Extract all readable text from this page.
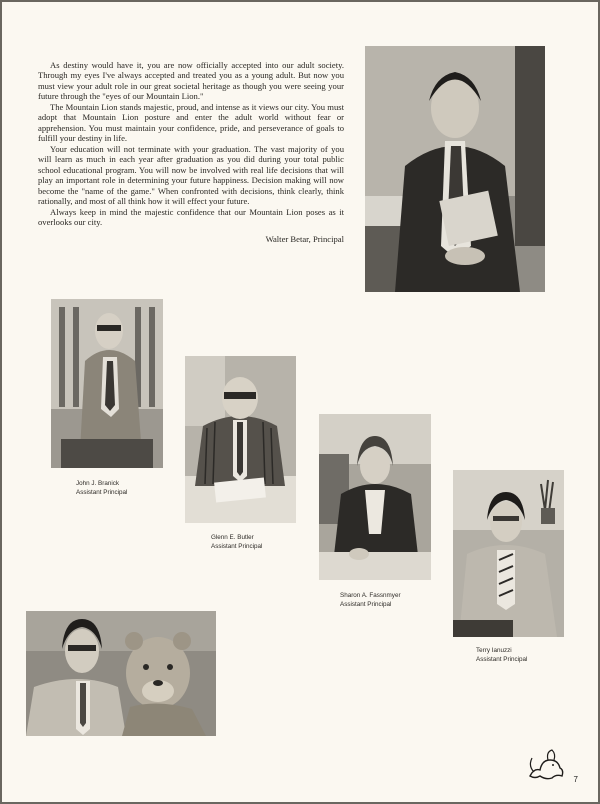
As destiny would have it, you are now officially accepted into our adult society. Through my eyes I've always accepted and treated you as a young adult. But now you must view your adult role in our great societal heritage as though you were seeing your future through the "eyes of our Mountain Lion."

The Mountain Lion stands majestic, proud, and intense as it views our city. You must adopt that Mountain Lion posture and enter the adult world without fear or apprehension. You must maintain your confidence, pride, and perseverance of goals to fulfill your destiny in life.

Your education will not terminate with your graduation. The vast majority of you will learn as much in each year after graduation as you did during your total public school educational program. You will now be involved with real life decisions that will play an important role in determining your future happiness. Decision making will now become the "name of the game." When confronted with decisions, think clearly, think rationally, and most of all think how it will effect your future.

Always keep in mind the majestic confidence that our Mountain Lion poses as it overlooks our city.

Walter Betar, Principal
John J. Branick
Assistant Principal
Glenn E. Butler
Assistant Principal
Sharon A. Fassnmyer
Assistant Principal
Terry Ianuzzi
Assistant Principal
7
